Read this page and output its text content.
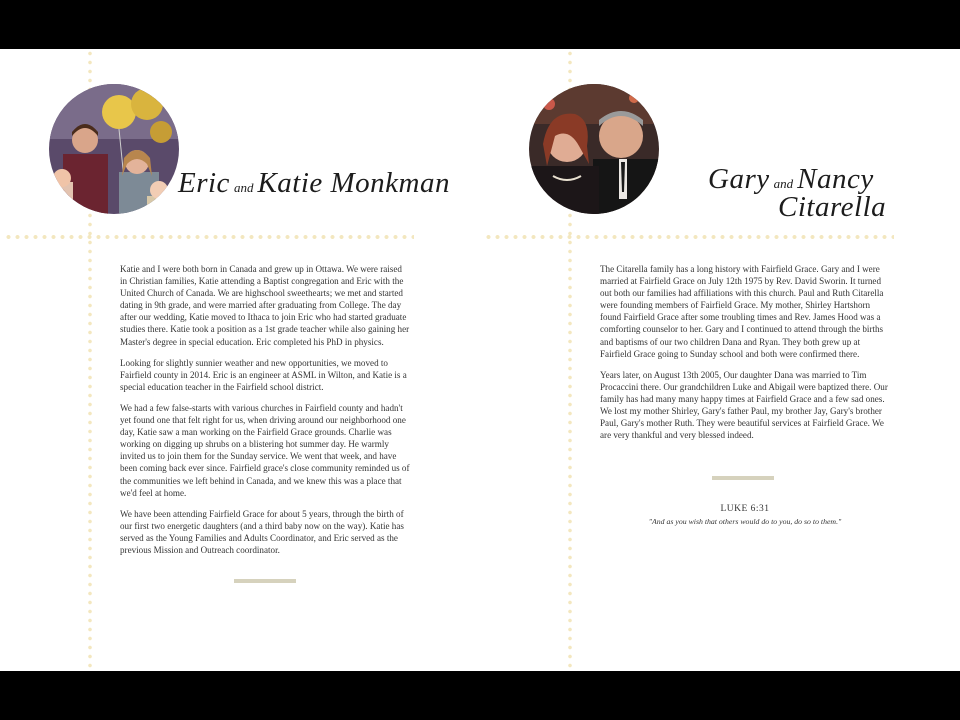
Eric and Katie Monkman

Katie and I were both born in Canada and grew up in Ottawa. We were raised in Christian families, Katie attending a Baptist congregation and Eric with the United Church of Canada. We are highschool sweethearts; we met and started dating in 9th grade, and were married after graduating from College. The day after our wedding, Katie moved to Ithaca to join Eric who had started graduate studies there. Katie took a position as a 1st grade teacher while also gaining her Master's degree in special education. Eric completed his PhD in physics.

Looking for slightly sunnier weather and new opportunities, we moved to Fairfield county in 2014. Eric is an engineer at ASML in Wilton, and Katie is a special education teacher in the Fairfield school district.

We had a few false-starts with various churches in Fairfield county and hadn't yet found one that felt right for us, when driving around our neighborhood one day, Katie saw a man working on the Fairfield Grace grounds. Charlie was working on digging up shrubs on a blistering hot summer day. He warmly invited us to join them for the Sunday service. We went that week, and have been coming back ever since. Fairfield grace's close community reminded us of the communities we left behind in Canada, and we knew this was a place that we'd feel at home.

We have been attending Fairfield Grace for about 5 years, through the birth of our first two energetic daughters (and a third baby now on the way). Katie has served as the Young Families and Adults Coordinator, and Eric served as the previous Mission and Outreach coordinator.

Gary and Nancy
Citarella

The Citarella family has a long history with Fairfield Grace. Gary and I were married at Fairfield Grace on July 12th 1975 by Rev. David Sworin. It turned out both our families had affiliations with this church. Paul and Ruth Citarella were founding members of Fairfield Grace. My mother, Shirley Hartshorn found Fairfield Grace after some troubling times and Rev. James Hood was a comforting counselor to her. Gary and I continued to attend through the births and baptisms of our two children Dana and Ryan. They both grew up at Fairfield Grace going to Sunday school and both were confirmed there.

Years later, on August 13th 2005, Our daughter Dana was married to Tim Procaccini there. Our grandchildren Luke and Abigail were baptized there. Our family has had many many happy times at Fairfield Grace and a few sad ones. We lost my mother Shirley, Gary's father Paul, my brother Jay, Gary's brother Paul, Gary's mother Ruth. They were beautiful services at Fairfield Grace. We are very thankful and very blessed indeed.

LUKE 6:31
"And as you wish that others would do to you, do so to them."
